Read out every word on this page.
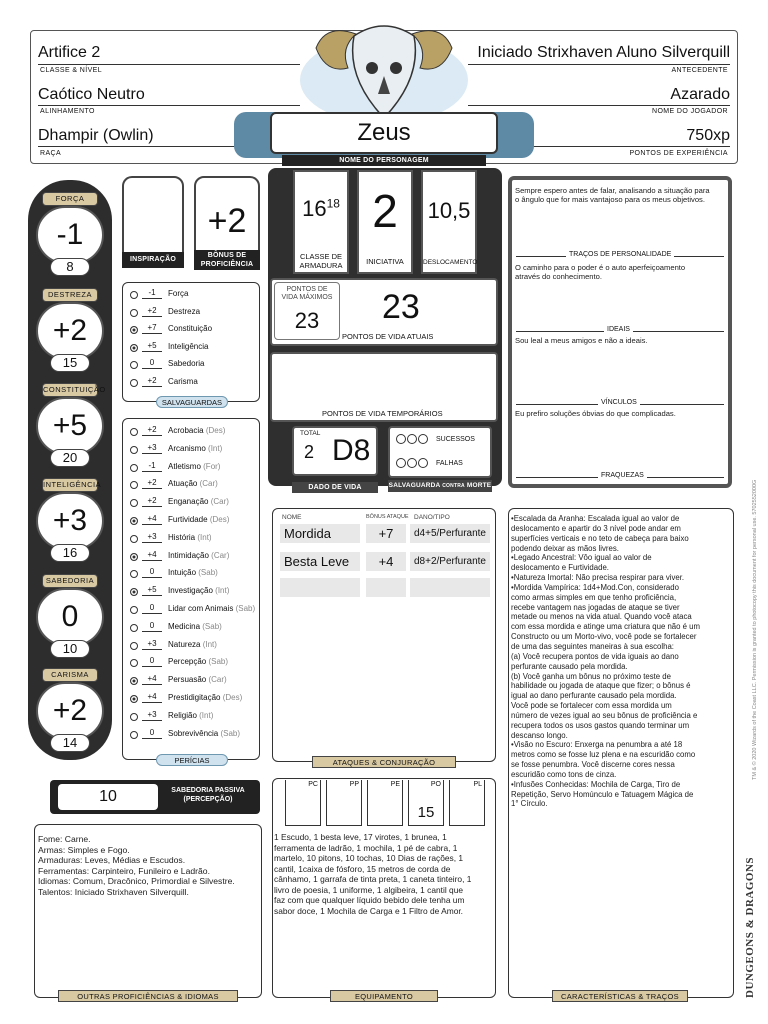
Artifice 2
CLASSE & NÍVEL
Iniciado Strixhaven Aluno Silverquill
ANTECEDENTE
Caótico Neutro
ALINHAMENTO
Azarado
NOME DO JOGADOR
Dhampir (Owlin)
RAÇA
750xp
PONTOS DE EXPERIÊNCIA
Zeus
NOME DO PERSONAGEM
FORÇA
-1
8
DESTREZA
+2
15
CONSTITUIÇÃO
+5
20
INTELIGÊNCIA
+3
16
SABEDORIA
0
10
CARISMA
+2
14
INSPIRAÇÃO
+2
BÔNUS DE PROFICIÊNCIA
-1	Força
+2	Destreza
+7	Constituição
+5	Inteligência
0	Sabedoria
+2	Carisma
SALVAGUARDAS
+2	Acrobacia (Des)
+3	Arcanismo (Int)
-1	Atletismo (For)
+2	Atuação (Car)
+2	Enganação (Car)
+4	Furtividade (Des)
+3	História (Int)
+4	Intimidação (Car)
0	Intuição (Sab)
+5	Investigação (Int)
0	Lidar com Animais (Sab)
0	Medicina (Sab)
+3	Natureza (Int)
0	Percepção (Sab)
+4	Persuasão (Car)
+4	Prestidigitação (Des)
+3	Religião (Int)
0	Sobrevivência (Sab)
PERÍCIAS
10	SABEDORIA PASSIVA
(PERCEPÇÃO)
$16^{18}$
CLASSE DE
ARMADURA
2
INICIATIVA
10,5
DESLOCAMENTO
23
PONTOS DE VIDA ATUAIS
PONTOS DE
VIDA MÁXIMOS
23
PONTOS DE VIDA TEMPORÁRIOS
TOTAL
2 D8
DADO DE VIDA
SUCESSOS
FALHAS
SALVAGUARDA CONTRA MORTE
NOME	BÔNUS ATAQUE DANO/TIPO
Mordida	+7	d4+5/Perfurante
Besta Leve	+4	d8+2/Perfurante
ATAQUES & CONJURAÇÃO
Sempre espero antes de falar, analisando a situação para o ângulo que for mais vantajoso para os meus objetivos.
TRAÇOS DE PERSONALIDADE
O caminho para o poder é o auto aperfeiçoamento através do conhecimento.
IDEAIS
Sou leal a meus amigos e não a ideais.
VÍNCULOS
Eu prefiro soluções óbvias do que complicadas.
FRAQUEZAS
•Escalada da Aranha: Escalada igual ao valor de
deslocamento e apartir do 3 nível pode andar em
superfícies verticais e no teto de cabeça para baixo
podendo deixar as mãos livres.
•Legado Ancestral: Vôo igual ao valor de
deslocamento e Furtividade.
•Natureza Imortal: Não precisa respirar para viver.
•Mordida Vampírica: 1d4+Mod.Con, considerado
como armas simples em que tenho proficiência,
recebe vantagem nas jogadas de ataque se tiver
metade ou menos na vida atual. Quando você ataca
com essa mordida e atinge uma criatura que não é um
Constructo ou um Morto-vivo, você pode se fortalecer
de uma das seguintes maneiras à sua escolha:
(a) Você recupera pontos de vida iguais ao dano
perfurante causado pela mordida.
(b) Você ganha um bônus no próximo teste de
habilidade ou jogada de ataque que fizer; o bônus é
igual ao dano perfurante causado pela mordida.
Você pode se fortalecer com essa mordida um
número de vezes igual ao seu bônus de proficiência e
recupera todos os usos gastos quando terminar um
descanso longo.
•Visão no Escuro: Enxerga na penumbra a até 18
metros como se fosse luz plena e na escuridão como
se fosse penumbra. Você discerne cores nessa
escuridão como tons de cinza.
•Infusões Conhecidas: Mochila de Carga, Tiro de
Repetição, Servo Homúnculo e Tatuagem Mágica de
1° Círculo.
CARACTERÍSTICAS & TRAÇOS
Fome: Carne.
Armas: Simples e Fogo.
Armaduras: Leves, Médias e Escudos.
Ferramentas: Carpinteiro, Funileiro e Ladrão.
Idiomas: Comum, Dracônico, Primordial e Silvestre.
Talentos: Iniciado Strixhaven Silverquill.
OUTRAS PROFICIÊNCIAS & IDIOMAS
PC	PP	PE	PO
15
PL
1 Escudo, 1 besta leve, 17 virotes, 1 brunea, 1
ferramenta de ladrão, 1 mochila, 1 pé de cabra, 1
martelo, 10 pitons, 10 tochas, 10 Dias de rações, 1
cantil, 1caixa de fósforo, 15 metros de corda de
cânhamo, 1 garrafa de tinta preta, 1 caneta tinteiro, 1
livro de poesia, 1 uniforme, 1 algibeira, 1 cantil que
faz com que qualquer líquido bebido dele tenha um
sabor doce, 1 Mochila de Carga e 1 Filtro de Amor.
EQUIPAMENTO
TM & © 2020 Wizards of the Coast LLC. Permission is granted to photocopy this document for personal use. 5702552000G
DUNGEONS & DRAGONS
